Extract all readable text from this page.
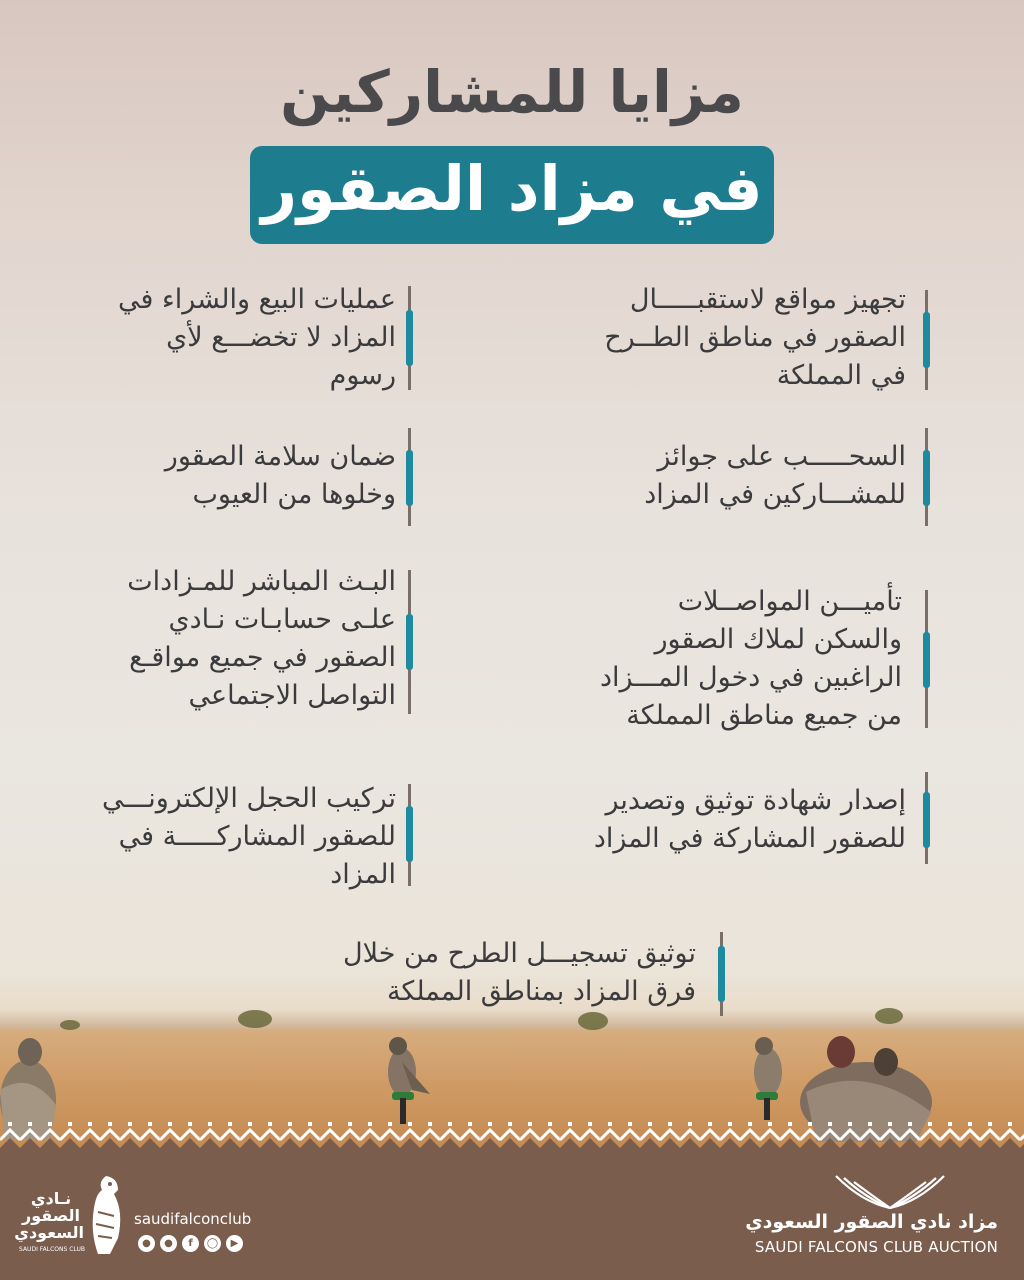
مزايا للمشاركين
في مزاد الصقور
تجهيز مواقع لاستقبـــــال
الصقور في مناطق الطــرح
في المملكة
السحـــــب على جوائز
للمشـــاركين في المزاد
تأميـــن المواصــلات
والسكن لملاك الصقور
الراغبين في دخول المـــزاد
من جميع مناطق المملكة
إصدار شهادة توثيق وتصدير
للصقور المشاركة في المزاد
عمليات البيع والشراء في
المزاد لا تخضـــع لأي
رسوم
ضمان سلامة الصقور
وخلوها من العيوب
البـث المباشر للمـزادات
علـى حسابـات نـادي
الصقور في جميع مواقـع
التواصل الاجتماعي
تركيب الحجل الإلكترونـــي
للصقور المشاركـــــة في
المزاد
توثيق تسجيـــل الطرح من خلال
فرق المزاد بمناطق المملكة
مزاد نادي الصقور السعودي
SAUDI FALCONS CLUB AUCTION
saudifalconclub
●	●	f	◯	▶
نـادي
الصقور
السعودي
SAUDI FALCONS CLUB
